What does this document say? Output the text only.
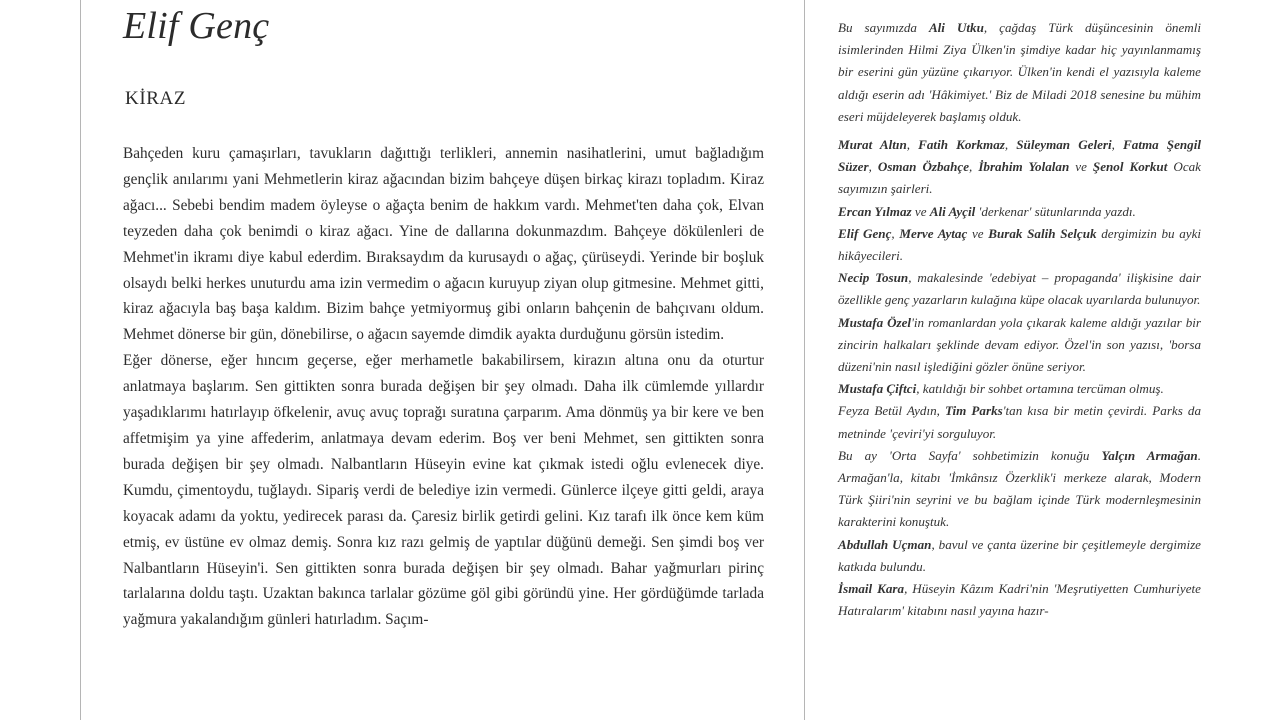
Elif Genç
KİRAZ

Bahçeden kuru çamaşırları, tavukların dağıttığı terlikleri, annemin nasihatlerini, umut bağladığım gençlik anılarımı yani Mehmetlerin kiraz ağacından bizim bahçeye düşen birkaç kirazı topladım. Kiraz ağacı... Sebebi bendim madem öyleyse o ağaçta benim de hakkım vardı. Mehmet'ten daha çok, Elvan teyzeden daha çok benimdi o kiraz ağacı. Yine de dallarına dokunmazdım. Bahçeye dökülenleri de Mehmet'in ikramı diye kabul ederdim. Bıraksaydım da kurusaydı o ağaç, çürüseydi. Yerinde bir boşluk olsaydı belki herkes unuturdu ama izin vermedim o ağacın kuruyup ziyan olup gitmesine. Mehmet gitti, kiraz ağacıyla baş başa kaldım. Bizim bahçe yetmiyormuş gibi onların bahçenin de bahçıvanı oldum. Mehmet dönerse bir gün, dönebilirse, o ağacın sayemde dimdik ayakta durduğunu görsün istedim.

Eğer dönerse, eğer hıncım geçerse, eğer merhametle bakabilirsem, kirazın altına onu da oturtur anlatmaya başlarım. Sen gittikten sonra burada değişen bir şey olmadı. Daha ilk cümlemde yıllardır yaşadıklarımı hatırlayıp öfkelenir, avuç avuç toprağı suratına çarparım. Ama dönmüş ya bir kere ve ben affetmişim ya yine affederim, anlatmaya devam ederim. Boş ver beni Mehmet, sen gittikten sonra burada değişen bir şey olmadı. Nalbantların Hüseyin evine kat çıkmak istedi oğlu evlenecek diye. Kumdu, çimentoydu, tuğlaydı. Sipariş verdi de belediye izin vermedi. Günlerce ilçeye gitti geldi, araya koyacak adamı da yoktu, yedirecek parası da. Çaresiz birlik getirdi gelini. Kız tarafı ilk önce kem küm etmiş, ev üstüne ev olmaz demiş. Sonra kız razı gelmiş de yaptılar düğünü demeği. Sen şimdi boş ver Nalbantların Hüseyin'i. Sen gittikten sonra burada değişen bir şey olmadı. Bahar yağmurları pirinç tarlalarına doldu taştı. Uzaktan bakınca tarlalar gözüme göl gibi göründü yine. Her gördüğümde tarlada yağmura yakalandığım günleri hatırladım. Saçım-

Bu sayımızda Ali Utku, çağdaş Türk düşüncesinin önemli isimlerinden Hilmi Ziya Ülken'in şimdiye kadar hiç yayınlanmamış bir eserini gün yüzüne çıkarıyor. Ülken'in kendi el yazısıyla kaleme aldığı eserin adı 'Hâkimiyet.' Biz de Miladi 2018 senesine bu mühim eseri müjdeleyerek başlamış olduk.

Murat Altın, Fatih Korkmaz, Süleyman Geleri, Fatma Şengil Süzer, Osman Özbahçe, İbrahim Yolalan ve Şenol Korkut Ocak sayımızın şairleri.

Ercan Yılmaz ve Ali Ayçil 'derkenar' sütunlarında yazdı.

Elif Genç, Merve Aytaç ve Burak Salih Selçuk dergimizin bu ayki hikâyecileri.

Necip Tosun, makalesinde 'edebiyat – propaganda' ilişkisine dair özellikle genç yazarların kulağına küpe olacak uyarılarda bulunuyor.

Mustafa Özel'in romanlardan yola çıkarak kaleme aldığı yazılar bir zincirin halkaları şeklinde devam ediyor. Özel'in son yazısı, 'borsa düzeni'nin nasıl işlediğini gözler önüne seriyor.

Mustafa Çiftci, katıldığı bir sohbet ortamına tercüman olmuş.

Feyza Betül Aydın, Tim Parks'tan kısa bir metin çevirdi. Parks da metninde 'çeviri'yi sorguluyor.

Bu ay 'Orta Sayfa' sohbetimizin konuğu Yalçın Armağan. Armağan'la, kitabı 'İmkânsız Özerklik'i merkeze alarak, Modern Türk Şiiri'nin seyrini ve bu bağlam içinde Türk modernleşmesinin karakterini konuştuk.

Abdullah Uçman, bavul ve çanta üzerine bir çeşitlemeyle dergimize katkıda bulundu.

İsmail Kara, Hüseyin Kâzım Kadri'nin 'Meşrutiyetten Cumhuriyete Hatıralarım' kitabını nasıl yayına hazır-
